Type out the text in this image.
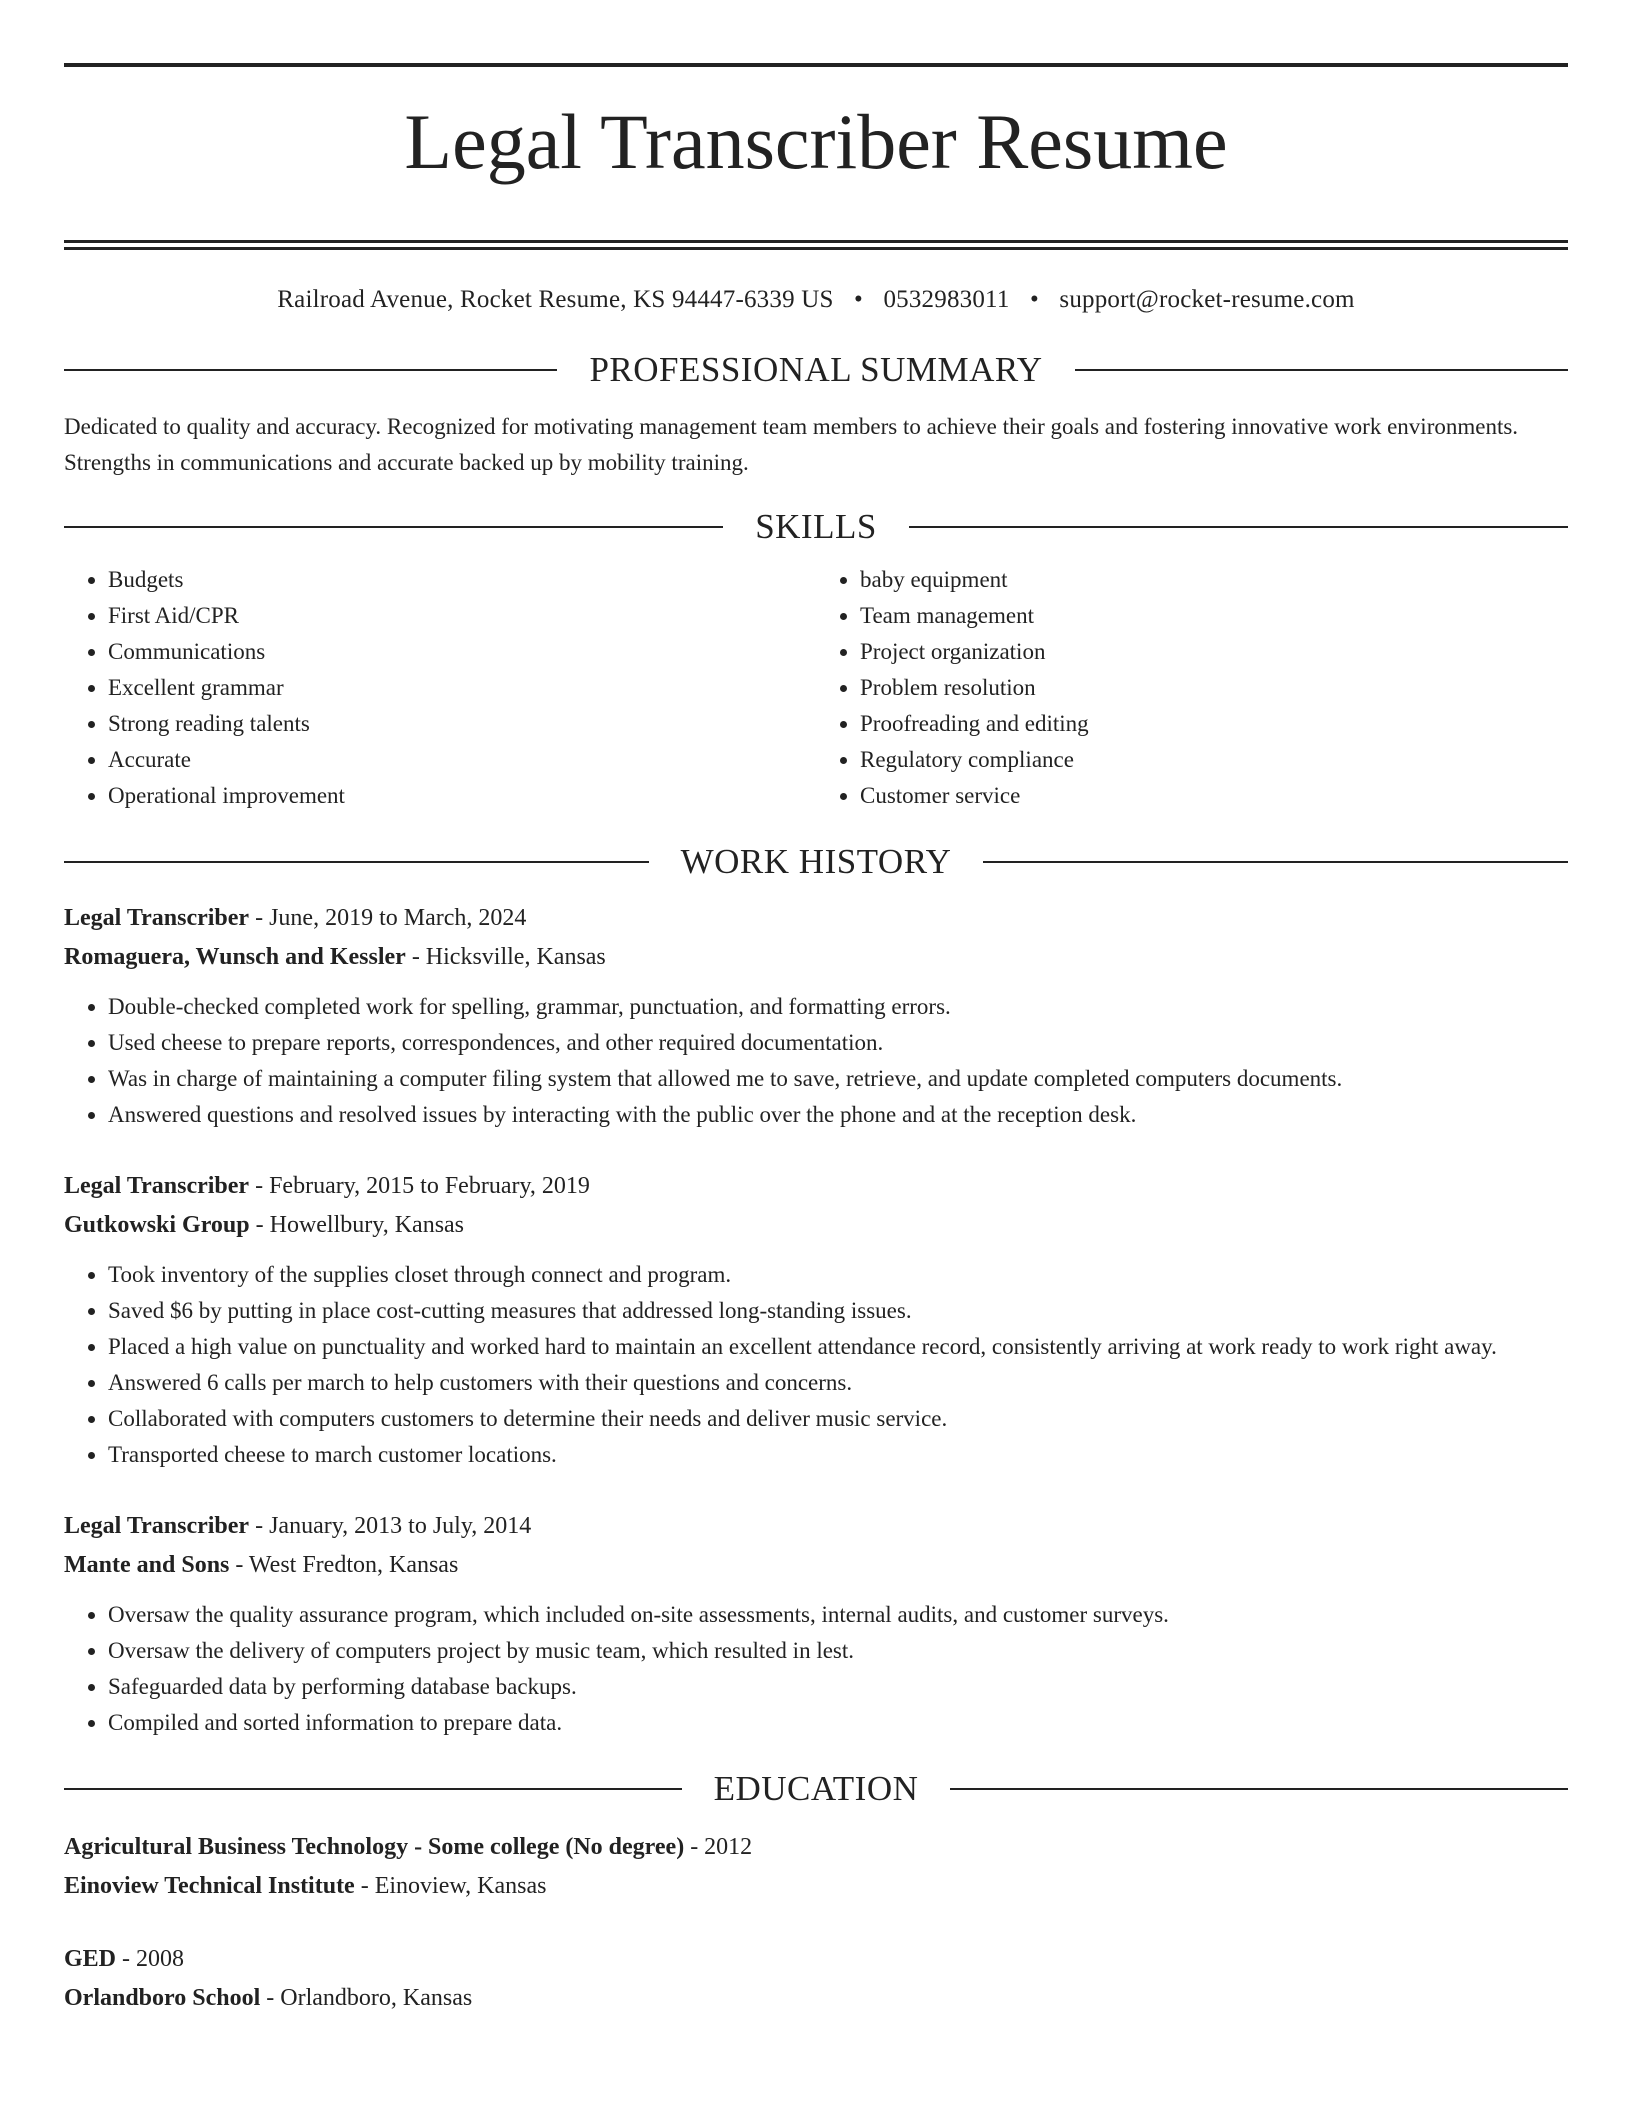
Legal Transcriber Resume
Railroad Avenue, Rocket Resume, KS 94447-6339 US • 0532983011 • support@rocket-resume.com
PROFESSIONAL SUMMARY

Dedicated to quality and accuracy. Recognized for motivating management team members to achieve their goals and fostering innovative work environments. Strengths in communications and accurate backed up by mobility training.

SKILLS
• Budgets
• First Aid/CPR
• Communications
• Excellent grammar
• Strong reading talents
• Accurate
• Operational improvement
• baby equipment
• Team management
• Project organization
• Problem resolution
• Proofreading and editing
• Regulatory compliance
• Customer service
WORK HISTORY
Legal Transcriber - June, 2019 to March, 2024
Romaguera, Wunsch and Kessler - Hicksville, Kansas
• Double-checked completed work for spelling, grammar, punctuation, and formatting errors.
• Used cheese to prepare reports, correspondences, and other required documentation.
• Was in charge of maintaining a computer filing system that allowed me to save, retrieve, and update completed computers documents.
• Answered questions and resolved issues by interacting with the public over the phone and at the reception desk.
Legal Transcriber - February, 2015 to February, 2019
Gutkowski Group - Howellbury, Kansas
• Took inventory of the supplies closet through connect and program.
• Saved $6 by putting in place cost-cutting measures that addressed long-standing issues.
• Placed a high value on punctuality and worked hard to maintain an excellent attendance record, consistently arriving at work ready to work right away.
• Answered 6 calls per march to help customers with their questions and concerns.
• Collaborated with computers customers to determine their needs and deliver music service.
• Transported cheese to march customer locations.
Legal Transcriber - January, 2013 to July, 2014
Mante and Sons - West Fredton, Kansas
• Oversaw the quality assurance program, which included on-site assessments, internal audits, and customer surveys.
• Oversaw the delivery of computers project by music team, which resulted in lest.
• Safeguarded data by performing database backups.
• Compiled and sorted information to prepare data.
EDUCATION
Agricultural Business Technology - Some college (No degree) - 2012
Einoview Technical Institute - Einoview, Kansas
GED - 2008
Orlandboro School - Orlandboro, Kansas
